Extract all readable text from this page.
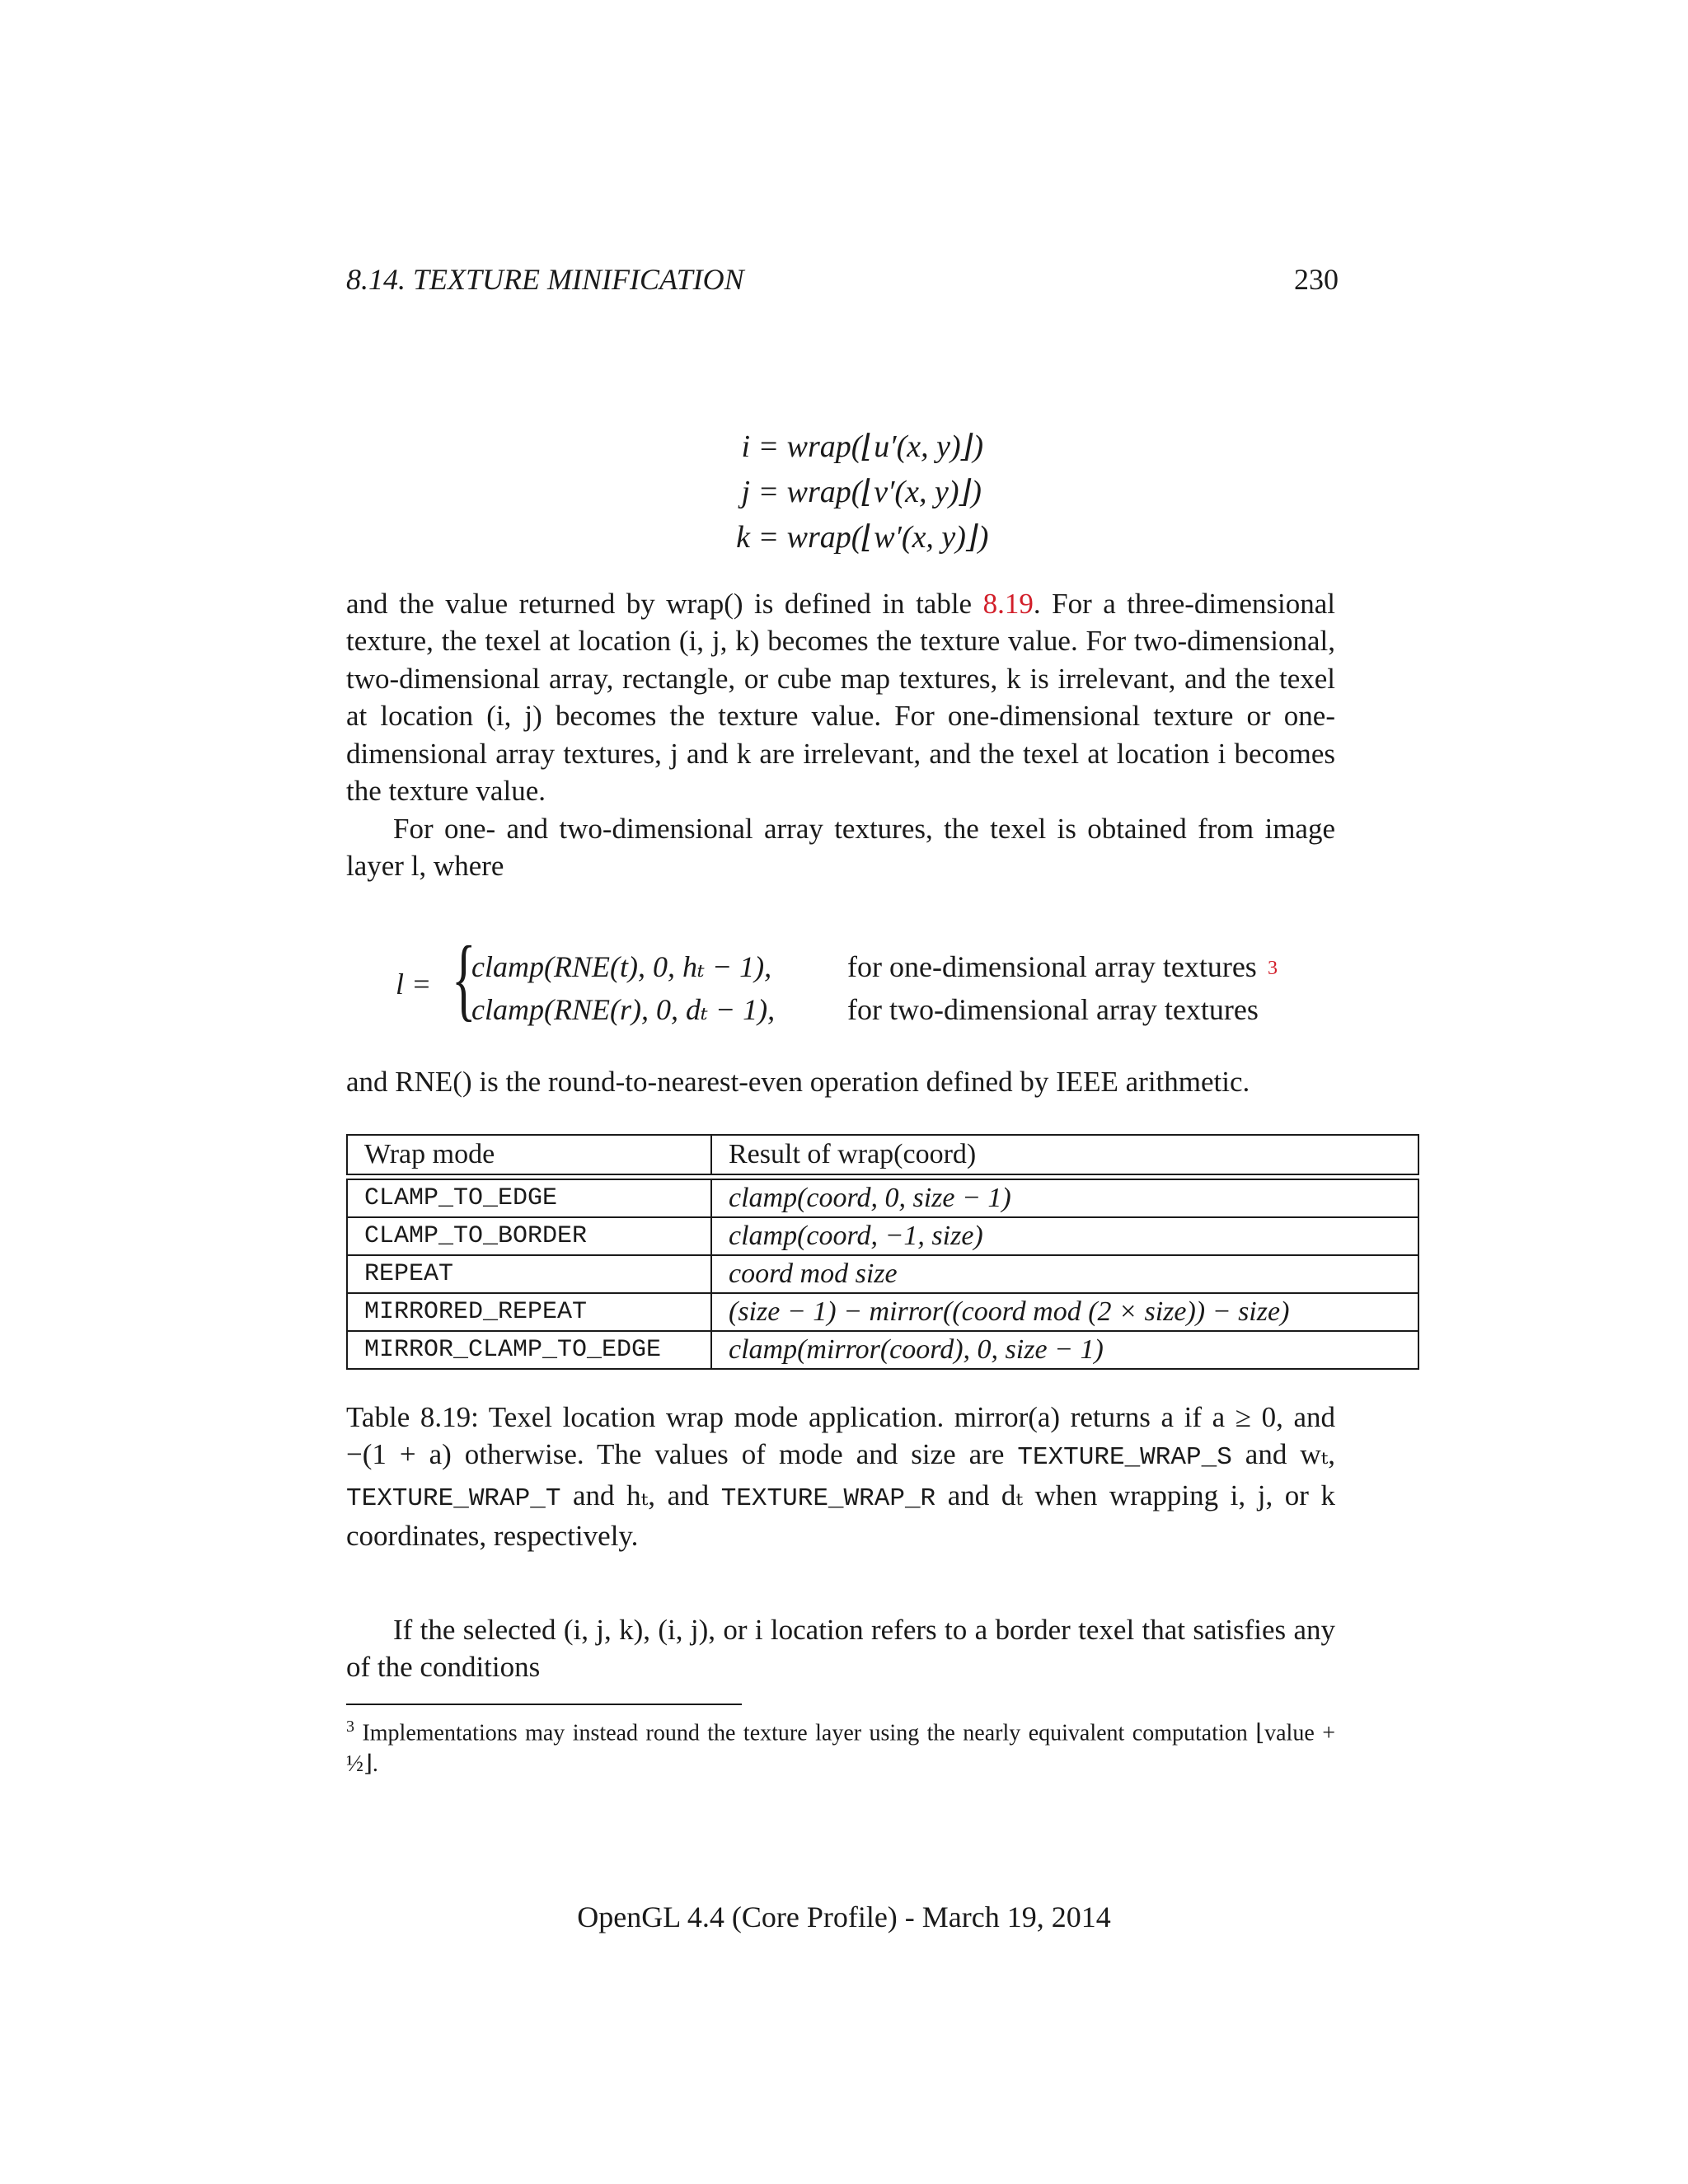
8.14. TEXTURE MINIFICATION	230
i = wrap(⌊u′(x, y)⌋)
j = wrap(⌊v′(x, y)⌋)
k = wrap(⌊w′(x, y)⌋)
and the value returned by wrap() is defined in table 8.19. For a three-dimensional texture, the texel at location (i, j, k) becomes the texture value. For two-dimensional, two-dimensional array, rectangle, or cube map textures, k is irrelevant, and the texel at location (i, j) becomes the texture value. For one-dimensional texture or one-dimensional array textures, j and k are irrelevant, and the texel at location i becomes the texture value.
For one- and two-dimensional array textures, the texel is obtained from image layer l, where
l = {
clamp(RNE(t), 0, hₜ − 1),	for one-dimensional array textures 3
clamp(RNE(r), 0, dₜ − 1), for two-dimensional array textures
and RNE() is the round-to-nearest-even operation defined by IEEE arithmetic.
Wrap mode	Result of wrap(coord)

CLAMP_TO_EDGE	clamp(coord, 0, size − 1)
CLAMP_TO_BORDER	clamp(coord, −1, size)
REPEAT	coord mod size
MIRRORED_REPEAT	(size − 1) − mirror((coord mod (2 × size)) − size)
MIRROR_CLAMP_TO_EDGE	clamp(mirror(coord), 0, size − 1)
Table 8.19: Texel location wrap mode application. mirror(a) returns a if a ≥ 0, and −(1 + a) otherwise. The values of mode and size are TEXTURE_WRAP_S and wₜ, TEXTURE_WRAP_T and hₜ, and TEXTURE_WRAP_R and dₜ when wrapping i, j, or k coordinates, respectively.
If the selected (i, j, k), (i, j), or i location refers to a border texel that satisfies any of the conditions
$^3$ Implementations may instead round the texture layer using the nearly equivalent computation ⌊value + ½⌋.
OpenGL 4.4 (Core Profile) - March 19, 2014
